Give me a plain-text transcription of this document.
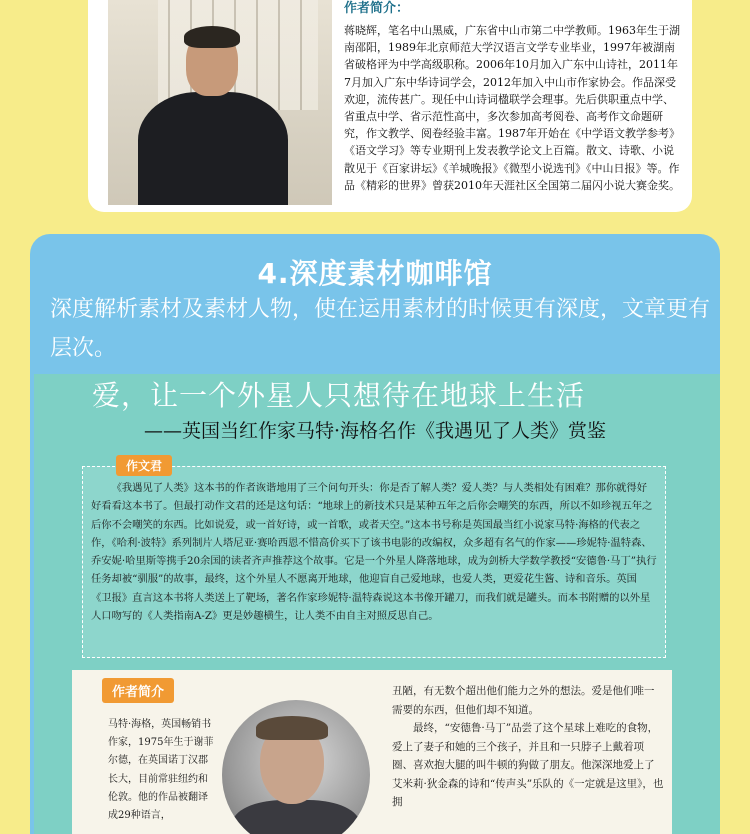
作者简介：
蒋晓辉，笔名中山黑威，广东省中山市第二中学教师。1963年生于湖南邵阳，1989年北京师范大学汉语言文学专业毕业，1997年被湖南省破格评为中学高级职称。2006年10月加入广东中山诗社，2011年7月加入广东中华诗词学会，2012年加入中山市作家协会。作品深受欢迎，流传甚广。现任中山诗词楹联学会理事。先后供职重点中学、省重点中学、省示范性高中，多次参加高考阅卷、高考作文命题研究，作文教学、阅卷经验丰富。1987年开始在《中学语文教学参考》《语文学习》等专业期刊上发表教学论文上百篇。散文、诗歌、小说散见于《百家讲坛》《羊城晚报》《微型小说选刊》《中山日报》等。作品《精彩的世界》曾获2010年天涯社区全国第二届闪小说大赛金奖。
4.深度素材咖啡馆
深度解析素材及素材人物，使在运用素材的时候更有深度，文章更有层次。
爱，让一个外星人只想待在地球上生活
——英国当红作家马特·海格名作《我遇见了人类》赏鉴
《我遇见了人类》这本书的作者诙谐地用了三个问句开头：你是否了解人类？爱人类？与人类相处有困难？那你就得好好看看这本书了。但最打动作文君的还是这句话：“地球上的新技术只是某种五年之后你会嘲笑的东西，所以不如珍视五年之后你不会嘲笑的东西。比如说爱，或一首好诗，或一首歌，或者天空。”这本书号称是英国最当红小说家马特·海格的代表之作，《哈利·波特》系列制片人塔尼亚·赛哈西恩不惜高价买下了该书电影的改编权，众多超有名气的作家——珍妮特·温特森、乔安妮·哈里斯等携手20余国的读者齐声推荐这个故事。它是一个外星人降落地球，成为剑桥大学数学教授“安德鲁·马丁”执行任务却被“驯服”的故事，最终，这个外星人不愿离开地球，他迎盲自己爱地球，也爱人类，更爱花生酱、诗和音乐。英国《卫报》直言这本书将人类送上了靶场，著名作家珍妮特·温特森说这本书像开罐刀，而我们就是罐头。而本书附赠的以外星人口吻写的《人类指南A-Z》更是妙趣横生，让人类不由自主对照反思自己。
作文君
作者简介
马特·海格，英国畅销书作家，1975年生于谢菲尔德，在英国诺丁汉郡长大，目前常驻纽约和伦敦。他的作品被翻译成29种语言，
丑陋，有无数个超出他们能力之外的想法。爱是他们唯一需要的东西，但他们却不知道。
最终，“安德鲁·马丁”品尝了这个星球上难吃的食物，爱上了妻子和她的三个孩子，并且和一只脖子上戴着项圈、喜欢抱大腿的叫牛顿的狗做了朋友。他深深地爱上了艾米莉·狄金森的诗和“传声头”乐队的《一定就是这里》，也拥
